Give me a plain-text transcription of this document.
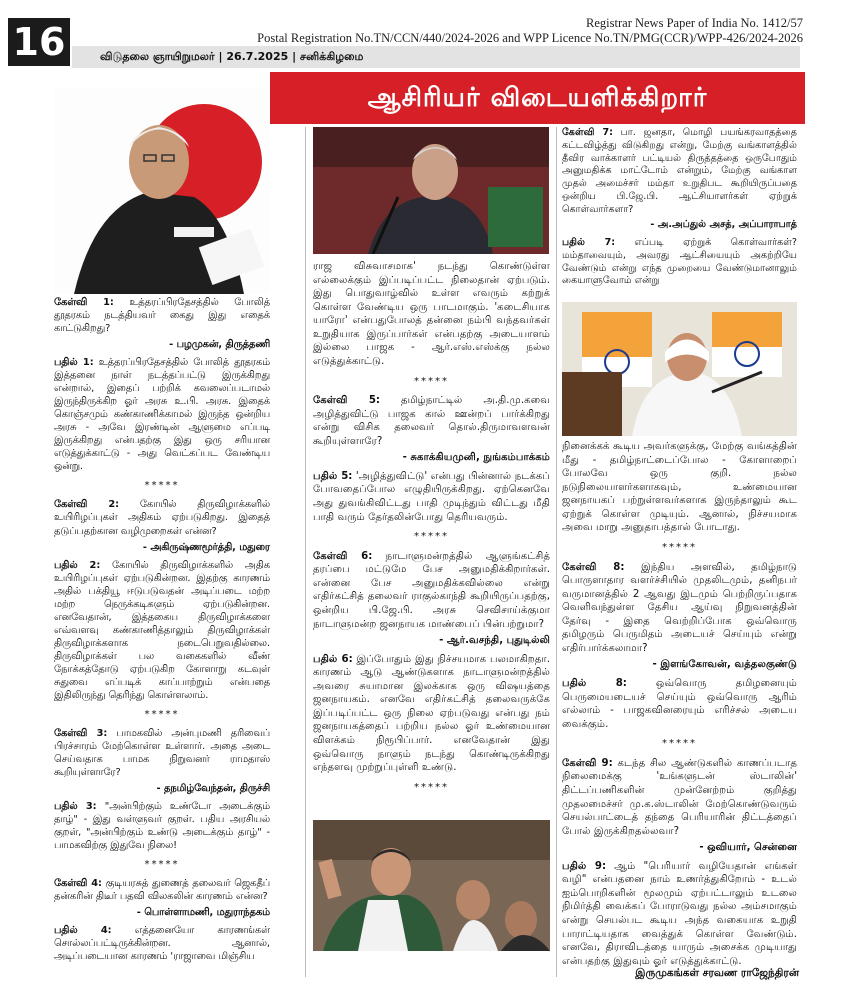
16	Registrar News Paper of India No. 1412/57
Postal Registration No.TN/CCN/440/2024-2026 and WPP Licence No.TN/PMG(CCR)/WPP-426/2024-2026
விடுதலை ஞாயிறுமலர் | 26.7.2025 | சனிக்கிழமை
ஆசிரியர் விடையளிக்கிறார்
கேள்வி 1: உத்தரப்பிரதேசத்தில் போலித் தூதரகம் நடத்தியவர் கைது இது எதைக் காட்டுகிறது?
- பழமுகன், திருத்தணி
பதில் 1: உத்தரப்பிரதேசத்தில் போலித் தூதரகம் இத்தனை நாள் நடத்தப்பட்டு இருக்கிறது என்றால், இதைப் பற்றிக் கவலைப்படாமல் இருந்திருக்கிற ஓர் அரசு உ.பி. அரசு. இதைக் கொஞ்சமும் கண்காணிக்காமல் இருந்த ஒன்றிய அரசு - அவே இரண்டின் ஆளுமை எப்படி இருக்கிறது என்பதற்கு இது ஒரு சரியான எடுத்துக்காட்டு - அது வெட்கப்பட வேண்டிய ஒன்று.
*****
கேள்வி 2: கோயில் திருவிழாக்களில் உயிரிழப்புகள் அதிகம் ஏற்படுகிறது. இதைத் தடுப்பதற்கான வழிமுறைகள் என்ன?
- அகிருஷ்ணமூர்த்தி, மதுரை
பதில் 2: கோயில் திருவிழாக்களில் அதிக உயிரிழப்புகள் ஏற்படுகின்றன. இதற்கு காரணம் அதில் பக்தியூ ஈடுபடுவதன் அடிப்படை மற்ற மற்ற நெருக்கடிகளும் ஏற்படுகின்றன. எனவேதான், இத்தகைய திருவிழாக்களை எவ்வளவு கண்காணித்தாலும் திருவிழாக்கள் திருவிழாக்களாக நடைபெறுவதில்லை. திருவிழாக்கள் பல வகைகளில் வீண் நோக்கத்தோடு ஏற்படுகிற கோளாறு கடவுள் சுதுவை எப்படிக் காப்பாற்றும் என்பதை இதிலிருந்து தெரிந்து கொள்ளலாம்.
*****
கேள்வி 3: பாமகவில் அன்புமணி தரிவைப் பிரச்சாரம் மேற்கொள்ள உள்ளார். அதை அடை செய்வதாக பாமக நிறுவனர் ராமதாஸ் கூறியுள்ளாரே?
- தநமிழ்வேந்தன், திருச்சி
பதில் 3: "அன்பிற்கும் உண்டோ அடைக்கும் தாழ்" - இது வள்ளுவர் குறள். பதிய அரசியல் குறள், "அன்பிற்கும் உண்டு அடைக்கும் தாழ்" - பாமகவிற்கு இதுவே நிலை!
*****
கேள்வி 4: குடியரசுத் துணைத் தலைவர் ஜெகதீப் தன்கரின் திடீர் பதவி விலகலின் காரணம் என்ன?
- பொள்ளாமணி, மதுராந்தகம்
பதில் 4: எத்தனையோ காரணங்கள் சொல்லப்பட்டிருக்கின்றன. ஆனால், அடிப்படையான காரணம் 'ராஜாவை மிஞ்சிய
ராஜ விசுவாசமாக' நடந்து கொண்டுள்ள எல்லைக்கும் இப்படிப்பட்ட நிலைதான் ஏற்படும். இது பொதுவாழ்வில் உள்ள எவரும் கற்றுக் கொள்ள வேண்டிய ஒரு பாடமாகும். 'கடைசியாக யாரோ' என்பதுபோலத் தன்னை நம்பி வந்தவர்கள் உறுதியாக இருப்பார்கள் என்பதற்கு அடையாளம் இல்லை பாஜக - ஆர்.எஸ்.எஸ்க்கு நல்ல எடுத்துக்காட்டு.
*****
கேள்வி 5: தமிழ்நாட்டில் அ.தி.மு.கவை அழித்துவிட்டு பாஜக கால் ஊன்றப் பார்க்கிறது என்று விசிக தலைவர் தொல்.திருமாவளவன் கூறியுள்ளாரே?
- சுகாக்கியமுனி, நுங்கம்பாக்கம்
பதில் 5: 'அழித்துவிட்டு' என்பது பின்னால் நடக்கப் போவதைப்போல எழுதியிருக்கிறது. ஏற்கெனவே அது துவங்கிவிட்டது பாதி முடிந்தும் விட்டது மீதி பாதி வரும் தேர்தலின்போது தெரியவரும்.
*****
கேள்வி 6: நாடாளுமன்றத்தில் ஆளுங்கட்சித் தரப்பை மட்டுமே பேச அனுமதிக்கிறார்கள். என்னை பேச அனுமதிக்கவில்லை என்று எதிர்கட்சித் தலைவர் ராகுல்காந்தி கூறியிருப்பதற்கு, ஒன்றிய பி.ஜே.பி. அரசு செவிசாய்க்குமா நாடாளுமன்ற ஜனநாயக மாண்பைப் பின்பற்றுமா?
- ஆர்.வசந்தி, புதுடில்லி
பதில் 6: இப்போதும் இது நிச்சயமாக பலமாகிறதா. காரணம் ஆடு ஆண்டுகளாக நாடாளுமன்றத்தில் அவரை சுயாமான இலக்காக ஒரு விஷயத்தை ஜனநாயகம். எனவே எதிர்கட்சித் தலைவருக்கே இப்படிப்பட்ட ஒரு நிலை ஏற்படுவது என்பது நம் ஜனநாயகத்தைப் பற்றிய நல்ல ஓர் உண்மையான விளக்கம் நிரூபிப்பார். எனவேதான் இது ஒவ்வொரு நாளும் நடந்து கொண்டிருக்கிறது எந்தளவு முற்றுப்புள்ளி உண்டு.
*****
கேள்வி 7: பா. ஜனதா, மொழி பயங்கரவாதத்தை கட்டவிழ்த்து விடுகிறது என்று, மேற்கு வங்காளத்தில் தீவிர வாக்காளர் பட்டியல் திருத்தத்தை ஒருபோதும் அனுமதிக்க மாட்டோம் என்றும், மேற்கு வங்காள முதல் அமைச்சர் மம்தா உறுதிபட கூறியிருப்பதை ஒன்றிய பி.ஜே.பி. ஆட்சியாளர்கள் ஏற்றுக் கொள்வார்களா?
- அ.அப்துல் அசத், அப்பாராபாத்
பதில் 7: எப்படி ஏற்றுக் கொள்வார்கள்? மம்தாவையும், அவரது ஆட்சியையும் அகற்றியே வேண்டும் என்று எந்த முறையை வேண்டுமானாலும் கையாளுவோம் என்று
நினைக்கக் கூடிய அவர்களுக்கு, மேற்கு வங்கத்தின் மீது - தமிழ்நாட்டைப்போல - கோளாறைப் போலவே ஒரு குறி. நல்ல நடுநிலையாளர்களாகவும், உண்மையான ஜனநாயகப் பற்றுள்ளவர்களாக இருந்தாலும் கூட ஏற்றுக் கொள்ள முடியும். ஆனால், நிச்சயமாக அவை மாறு அனுதாபத்தால் போடாது.
*****
கேள்வி 8: இந்திய அளவில், தமிழ்நாடு பொருளாதார வளர்ச்சியில் முதலிடமும், தனிநபர் வருமானத்தில் 2 ஆவது இடமும் பெற்றிருப்பதாக வெளிவந்துள்ள தேசிய ஆய்வு நிறுவனத்தின் தேர்வு - இதை வெற்றிப்போக ஒவ்வொரு தமிழரும் பெருமிதம் அடையச் செய்யும் என்று எதிர்பார்க்கலாமா?
- இளங்கோவன், வத்தலகுண்டு
பதில் 8:	ஒவ்வொரு தமிழனையும் பெருமையடையச் செய்யும் ஒவ்வொரு ஆரிம் எல்லாம் - பாஜகவினரையும் எரிச்சல் அடைய வைக்கும்.
*****
கேள்வி 9: கடந்த சில ஆண்டுகளில் காணப்படாத நிலைமைக்கு 'உங்களுடன் ஸ்டாலின்' திட்டப்பணிகளின் முன்னேற்றம் குறித்து முதலமைச்சர் மு.க.ஸ்டாலின் மேற்கொண்டுவரும் செயல்பாட்டைத் தந்தை பெரியாரின் திட்டத்தைப் போல் இருக்கிறதல்லவா?
- ஒவியார், சென்னை
பதில் 9: ஆம் "பெரியார் வழியேதான் எங்கள் வழி" என்பதனை நாம் உணர்த்துகிறோம் - உடல் ஐம்பொறிகளின் மூலமும் ஏற்பட்டாலும் உடலை நிமிர்த்தி வைக்கப் போராடுவது நல்ல அம்சமாகும் என்று செயல்பட கூடிய அந்த வகையாக உறுதி பாராட்டியதாக வைத்துக் கொள்ள வேண்டும். எனவே, திராவிடத்தை யாரும் அசைக்க முடியாது என்பதற்கு இதுவும் ஓர் எடுத்துக்காட்டு.
இருமுகங்கள் சரவண ராஜேந்திரன்
